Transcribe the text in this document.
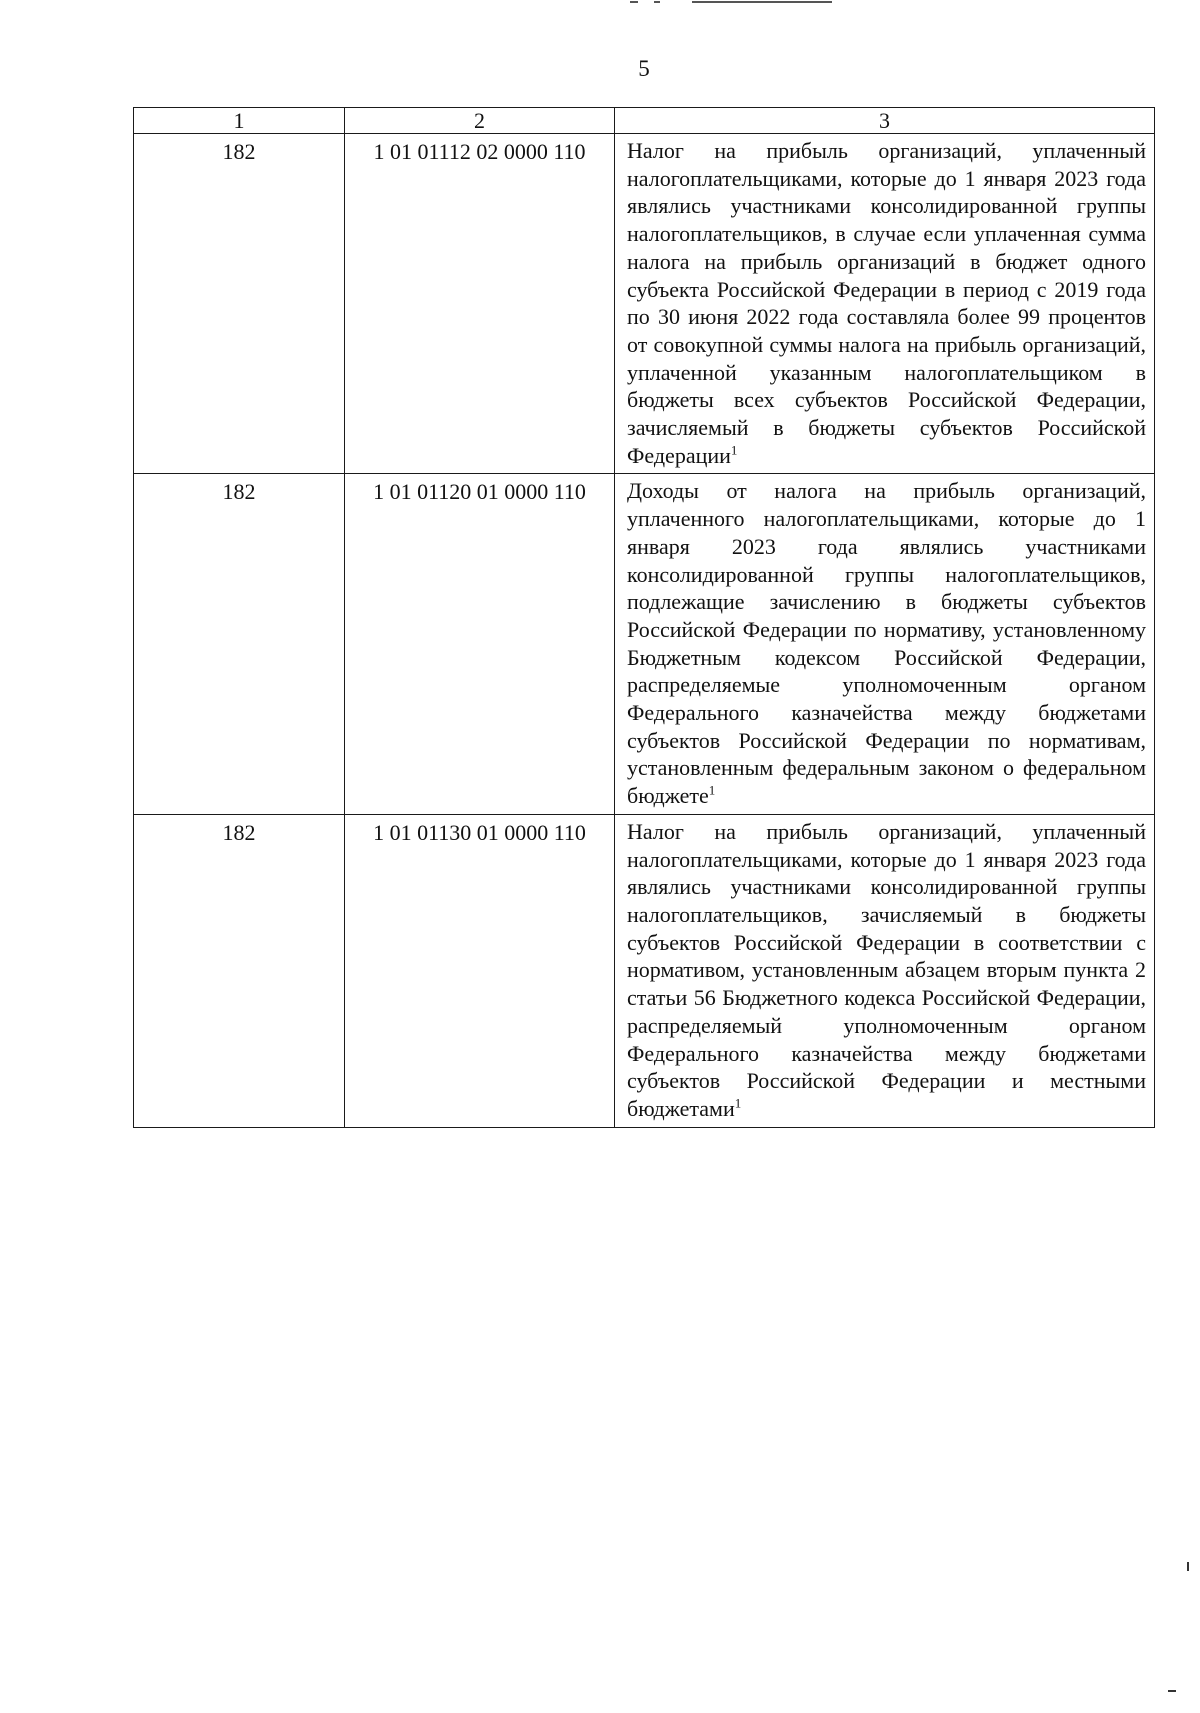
5
1	2	3
182	1 01 01112 02 0000 110	Налог на прибыль организаций, уплаченный налогоплательщиками, которые до 1 января 2023 года являлись участниками консолидированной группы налогоплательщиков, в случае если уплаченная сумма налога на прибыль организаций в бюджет одного субъекта Российской Федерации в период с 2019 года по 30 июня 2022 года составляла более 99 процентов от совокупной суммы налога на прибыль организаций, уплаченной указанным налогоплательщиком в бюджеты всех субъектов Российской Федерации, зачисляемый в бюджеты субъектов Российской Федерации$^1$
182	1 01 01120 01 0000 110	Доходы от налога на прибыль организаций, уплаченного налогоплательщиками, которые до 1 января 2023 года являлись участниками консолидированной группы налогоплательщиков, подлежащие зачислению в бюджеты субъектов Российской Федерации по нормативу, установленному Бюджетным кодексом Российской Федерации, распределяемые уполномоченным органом Федерального казначейства между бюджетами субъектов Российской Федерации по нормативам, установленным федеральным законом о федеральном бюджете$^1$
182	1 01 01130 01 0000 110	Налог на прибыль организаций, уплаченный налогоплательщиками, которые до 1 января 2023 года являлись участниками консолидированной группы налогоплательщиков, зачисляемый в бюджеты субъектов Российской Федерации в соответствии с нормативом, установленным абзацем вторым пункта 2 статьи 56 Бюджетного кодекса Российской Федерации, распределяемый уполномоченным органом Федерального казначейства между бюджетами субъектов Российской Федерации и местными бюджетами$^1$
